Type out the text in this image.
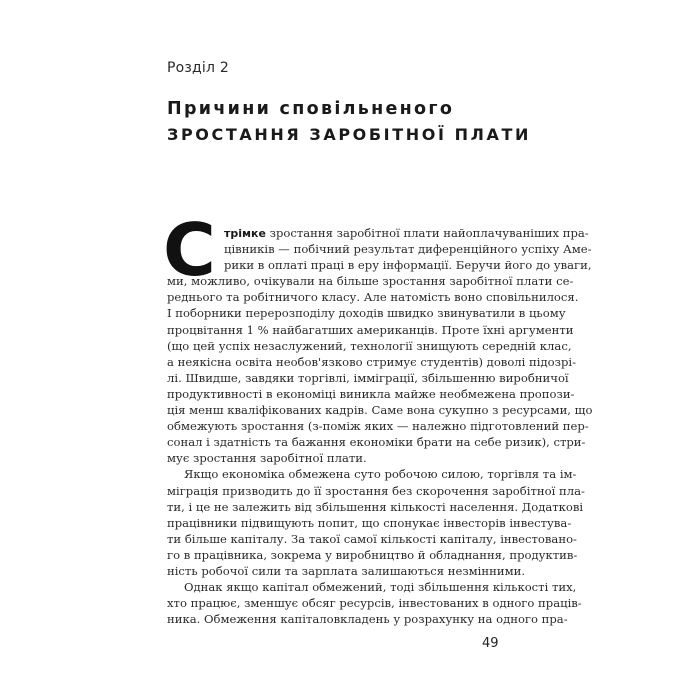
Розділ 2
Причини сповільненого
ЗРОСТАННЯ ЗАРОБІТНОЇ ПЛАТИ
С трімке зростання заробітної плати найоплачуваніших пра-
цівників — побічний результат диференційного успіху Аме-
рики в оплаті праці в еру інформації. Беручи його до уваги,
ми, можливо, очікували на більше зростання заробітної плати се-
реднього та робітничого класу. Але натомість воно сповільнилося.
І поборники перерозподілу доходів швидко звинуватили в цьому
процвітання 1 % найбагатших американців. Проте їхні аргументи
(що цей успіх незаслужений, технології знищують середній клас,
а неякісна освіта необов'язково стримує студентів) доволі підозрі-
лі. Швидше, завдяки торгівлі, імміграції, збільшенню виробничої
продуктивності в економіці виникла майже необмежена пропози-
ція менш кваліфікованих кадрів. Саме вона сукупно з ресурсами, що
обмежують зростання (з-поміж яких — належно підготовлений пер-
сонал і здатність та бажання економіки брати на себе ризик), стри-
мує зростання заробітної плати.
Якщо економіка обмежена суто робочою силою, торгівля та ім-
міграція призводить до її зростання без скорочення заробітної пла-
ти, і це не залежить від збільшення кількості населення. Додаткові
працівники підвищують попит, що спонукає інвесторів інвестува-
ти більше капіталу. За такої самої кількості капіталу, інвестовано-
го в працівника, зокрема у виробництво й обладнання, продуктив-
ність робочої сили та зарплата залишаються незмінними.
Однак якщо капітал обмежений, тоді збільшення кількості тих,
хто працює, зменшує обсяг ресурсів, інвестованих в одного праців-
ника. Обмеження капіталовкладень у розрахунку на одного пра-
49
